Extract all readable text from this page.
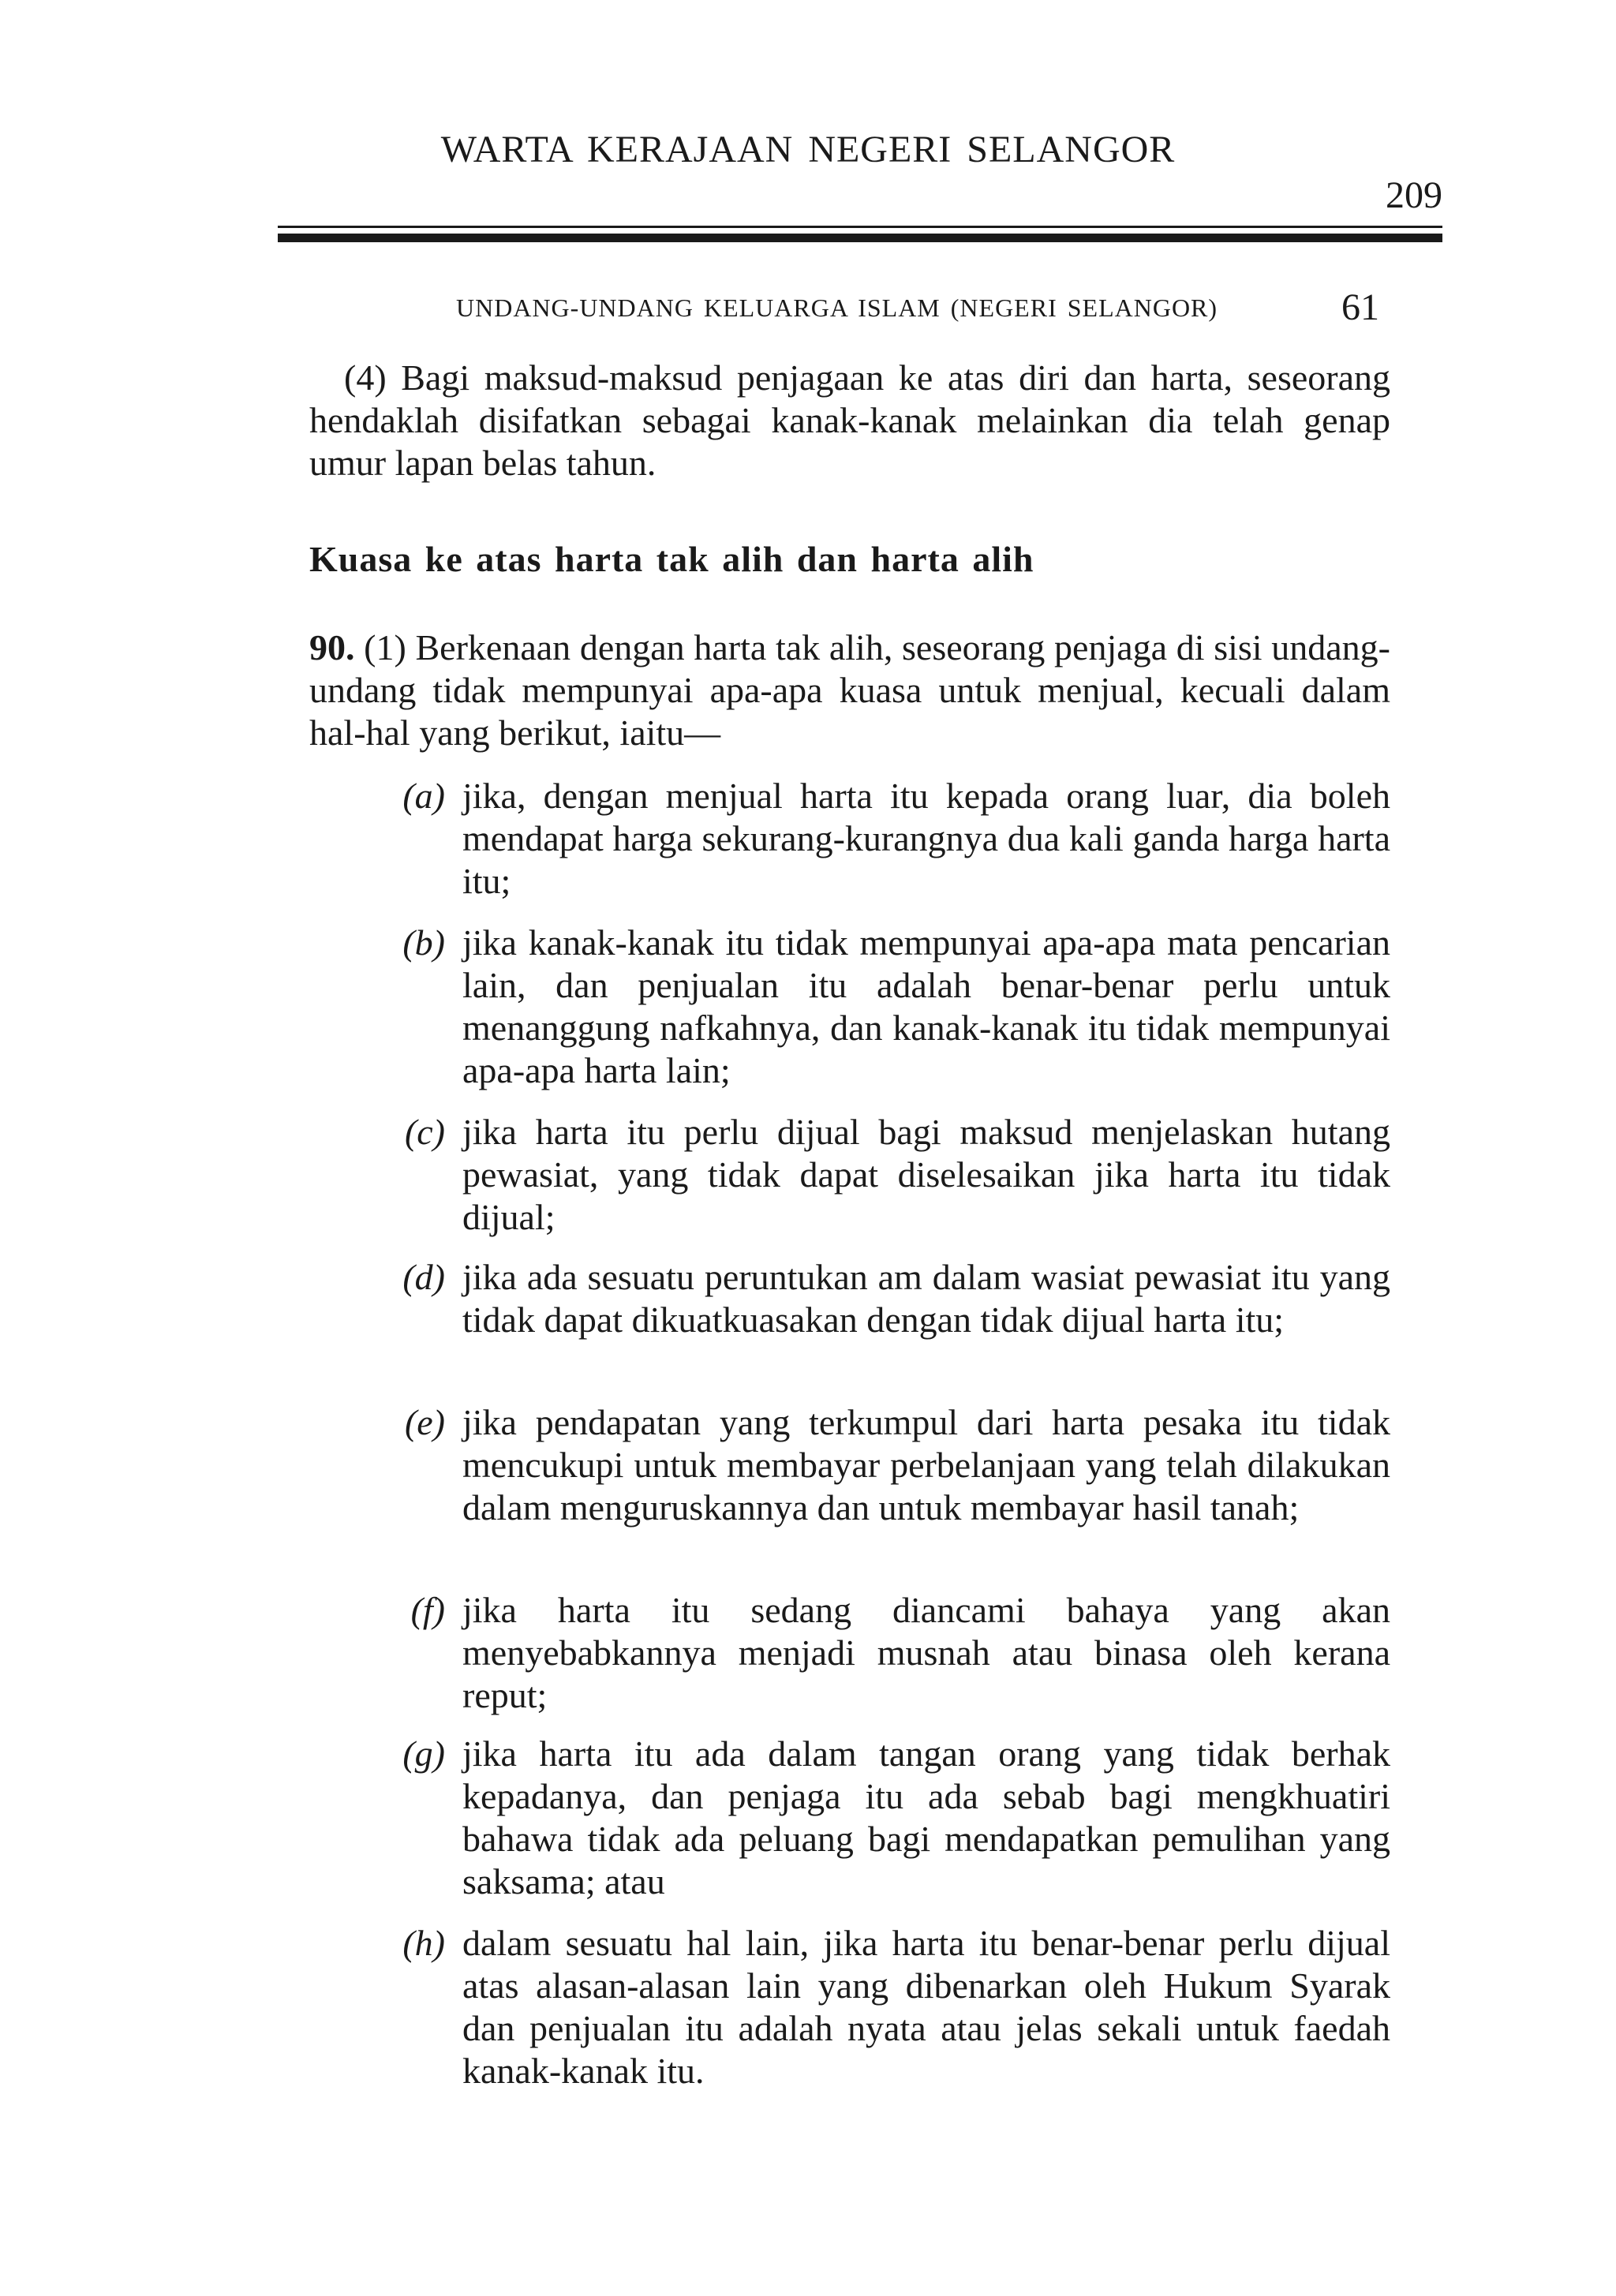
WARTA KERAJAAN NEGERI SELANGOR
209
UNDANG-UNDANG KELUARGA ISLAM (NEGERI SELANGOR)	61
(4) Bagi maksud-maksud penjagaan ke atas diri dan harta, seseorang hendaklah disifatkan sebagai kanak-kanak melainkan dia telah genap umur lapan belas tahun.
Kuasa ke atas harta tak alih dan harta alih
90. (1) Berkenaan dengan harta tak alih, seseorang penjaga di sisi undang-undang tidak mempunyai apa-apa kuasa untuk menjual, kecuali dalam hal-hal yang berikut, iaitu—
(a) jika, dengan menjual harta itu kepada orang luar, dia boleh mendapat harga sekurang-kurangnya dua kali ganda harga harta itu;
(b) jika kanak-kanak itu tidak mempunyai apa-apa mata pencarian lain, dan penjualan itu adalah benar-benar perlu untuk menanggung nafkahnya, dan kanak-kanak itu tidak mempunyai apa-apa harta lain;
(c) jika harta itu perlu dijual bagi maksud menjelaskan hutang pewasiat, yang tidak dapat diselesaikan jika harta itu tidak dijual;
(d) jika ada sesuatu peruntukan am dalam wasiat pewasiat itu yang tidak dapat dikuatkuasakan dengan tidak dijual harta itu;
(e) jika pendapatan yang terkumpul dari harta pesaka itu tidak mencukupi untuk membayar perbelanjaan yang telah dilakukan dalam menguruskannya dan untuk membayar hasil tanah;
(f) jika harta itu sedang diancami bahaya yang akan menyebabkannya menjadi musnah atau binasa oleh kerana reput;
(g) jika harta itu ada dalam tangan orang yang tidak berhak kepadanya, dan penjaga itu ada sebab bagi mengkhuatiri bahawa tidak ada peluang bagi mendapatkan pemulihan yang saksama; atau
(h) dalam sesuatu hal lain, jika harta itu benar-benar perlu dijual atas alasan-alasan lain yang dibenarkan oleh Hukum Syarak dan penjualan itu adalah nyata atau jelas sekali untuk faedah kanak-kanak itu.
